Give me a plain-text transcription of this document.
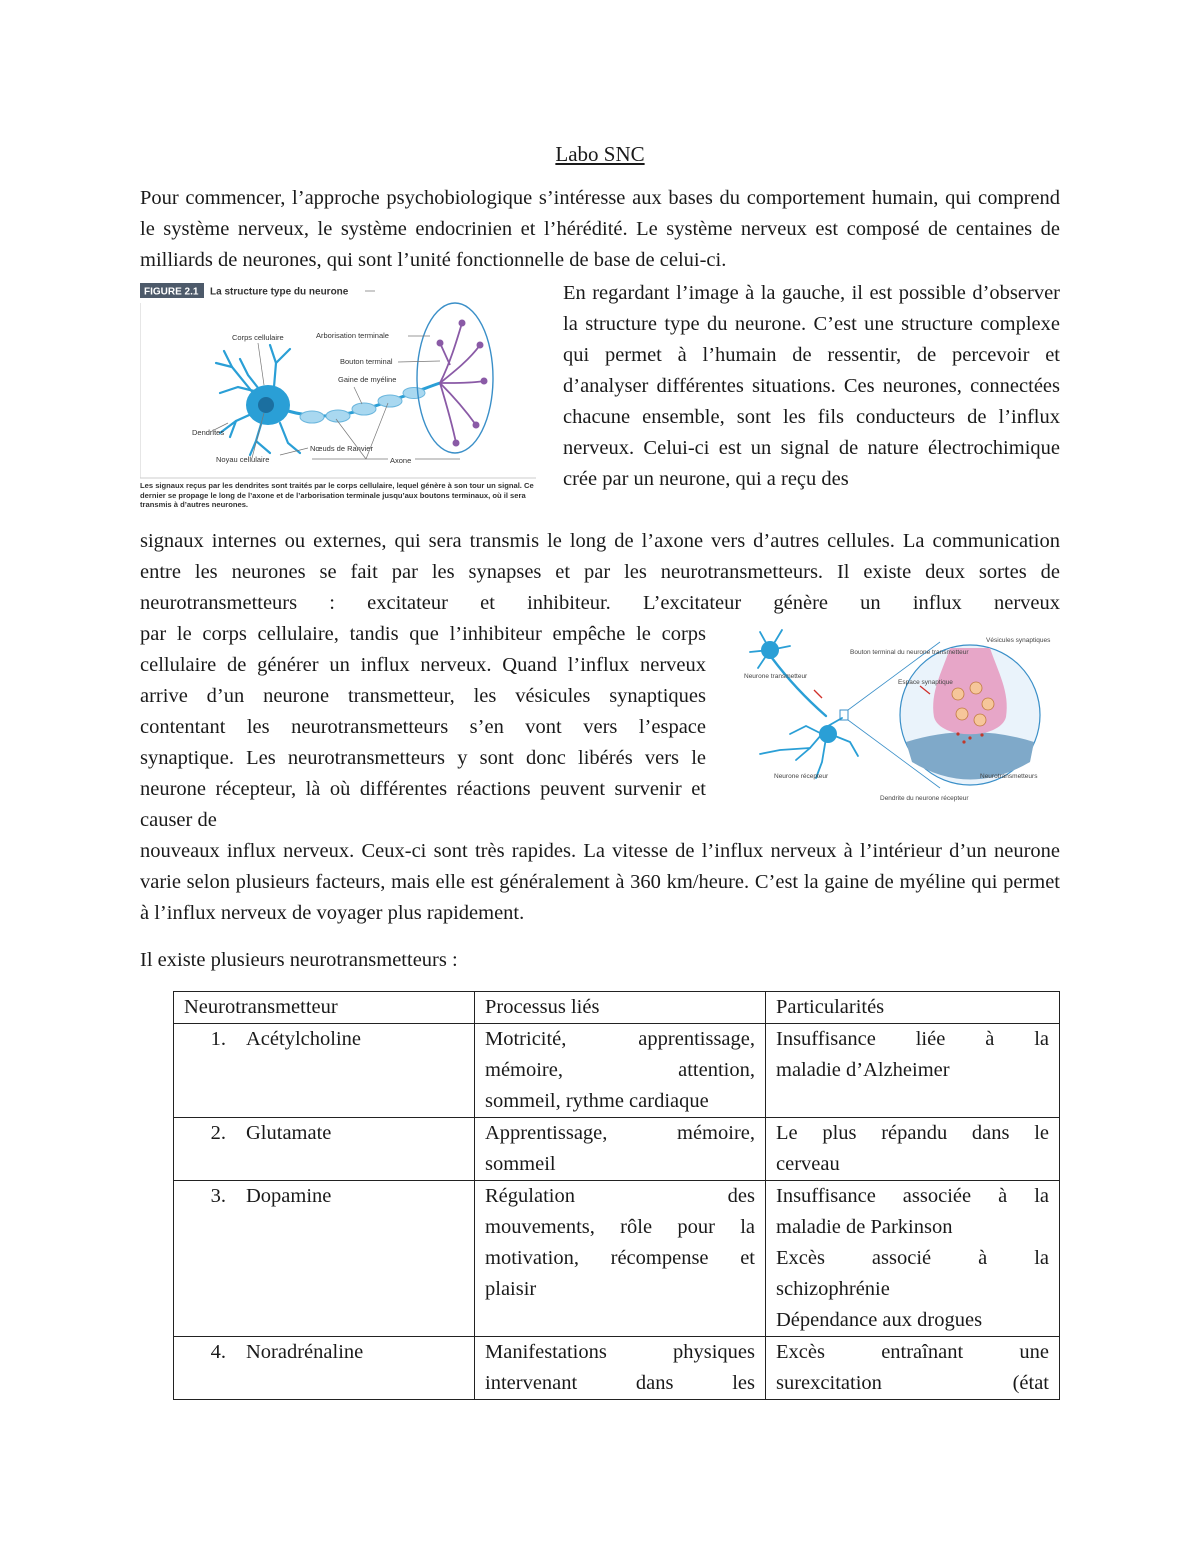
Labo SNC
Pour commencer, l’approche psychobiologique s’intéresse aux bases du comportement humain, qui comprend le système nerveux, le système endocrinien et l’hérédité. Le système nerveux est composé de centaines de milliards de neurones, qui sont l’unité fonctionnelle de base de celui-ci.
FIGURE 2.1 La structure type du neurone
Corps cellulaire	Arborisation terminale
Bouton terminal
Gaine de myéline
Dendrites
Noyau cellulaire
Nœuds de Ranvier
Axone
Les signaux reçus par les dendrites sont traités par le corps cellulaire, lequel génère à son tour un signal. Ce dernier se propage le long de l’axone et de l’arborisation terminale jusqu’aux boutons terminaux, où il sera transmis à d’autres neurones.
En regardant l’image à la gauche, il est possible d’observer la structure type du neurone. C’est une structure complexe qui permet à l’humain de ressentir, de percevoir et d’analyser différentes situations. Ces neurones, connectées chacune ensemble, sont les fils conducteurs de l’influx nerveux. Celui-ci est un signal de nature électrochimique crée par un neurone, qui a reçu des
signaux internes ou externes, qui sera transmis le long de l’axone vers d’autres cellules. La communication entre les neurones se fait par les synapses et par les neurotransmetteurs. Il existe deux sortes de neurotransmetteurs : excitateur et inhibiteur. L’excitateur génère un influx nerveux
par le corps cellulaire, tandis que l’inhibiteur empêche le corps cellulaire de générer un influx nerveux. Quand l’influx nerveux arrive d’un neurone transmetteur, les vésicules synaptiques contentant les neurotransmetteurs s’en vont vers l’espace synaptique. Les neurotransmetteurs y sont donc libérés vers le neurone récepteur, là où différentes réactions peuvent survenir et causer de
Neurone transmetteur
Neurone récepteur
Bouton terminal du neurone transmetteur
Vésicules synaptiques
Neurotransmetteurs
Espace synaptique
Dendrite du neurone récepteur
nouveaux influx nerveux. Ceux-ci sont très rapides. La vitesse de l’influx nerveux à l’intérieur d’un neurone varie selon plusieurs facteurs, mais elle est généralement à 360 km/heure. C’est la gaine de myéline qui permet à l’influx nerveux de voyager plus rapidement.
Il existe plusieurs neurotransmetteurs :
Neurotransmetteur	Processus liés	Particularités
1. Acétylcholine	Motricité, apprentissage,
mémoire, attention,
sommeil, rythme cardiaque	Insuffisance liée à la
maladie d’Alzheimer

2. Glutamate	Apprentissage, mémoire,
sommeil	Le plus répandu dans le
cerveau

3. Dopamine	Régulation des
mouvements, rôle pour la
motivation, récompense et
plaisir	Insuffisance associée à la
maladie de Parkinson
Excès associé à la
schizophrénie
Dépendance aux drogues

4. Noradrénaline	Manifestations physiques
intervenant dans les	Excès entraînant une
surexcitation (état
